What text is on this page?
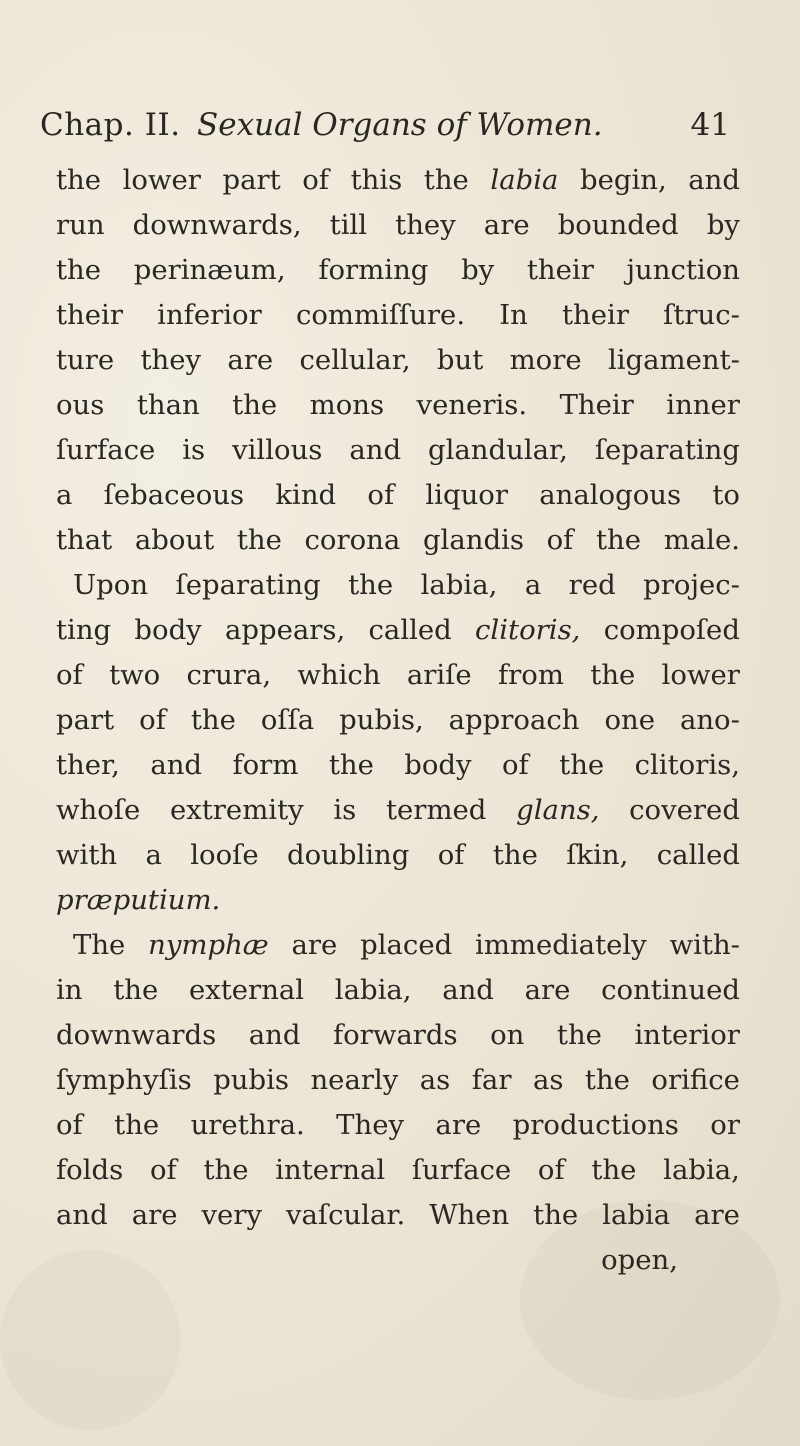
Chap. II. Sexual Organs of Women.	41
the lower part of this the labia begin, and
run downwards, till they are bounded by
the perinæum, forming by their junction
their inferior commiſſure. In their ſtruc-
ture they are cellular, but more ligament-
ous than the mons veneris. Their inner
ſurface is villous and glandular, ſeparating
a ſebaceous kind of liquor analogous to
that about the corona glandis of the male.
Upon ſeparating the labia, a red projec-
ting body appears, called clitoris, compoſed
of two crura, which ariſe from the lower
part of the oſſa pubis, approach one ano-
ther, and form the body of the clitoris,
whoſe extremity is termed glans, covered
with a looſe doubling of the ſkin, called
præputium.
The nymphæ are placed immediately with-
in the external labia, and are continued
downwards and forwards on the interior
ſymphyſis pubis nearly as far as the orifice
of the urethra. They are productions or
folds of the internal ſurface of the labia,
and are very vaſcular. When the labia are
open,
